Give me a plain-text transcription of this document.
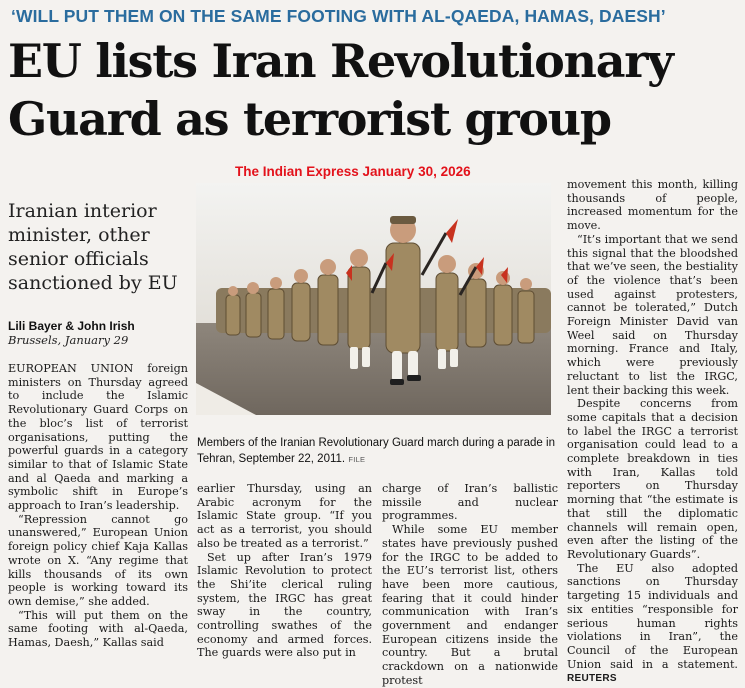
‘WILL PUT THEM ON THE SAME FOOTING WITH AL-QAEDA, HAMAS, DAESH’
EU lists Iran Revolutionary
Guard as terrorist group
The Indian Express January 30, 2026
Iranian interior minister, other senior officials sanctioned by EU
Lili Bayer & John Irish
Brussels, January 29

EUROPEAN UNION foreign ministers on Thursday agreed to include the Islamic Revolutionary Guard Corps on the bloc’s list of terrorist organisations, putting the powerful guards in a category similar to that of Islamic State and al Qaeda and marking a symbolic shift in Europe’s approach to Iran’s leadership.

“Repression cannot go unanswered,” European Union foreign policy chief Kaja Kallas wrote on X. “Any regime that kills thousands of its own people is working toward its own demise,” she added.

“This will put them on the same footing with al-Qaeda, Hamas, Daesh,” Kallas said

Members of the Iranian Revolutionary Guard march during a parade in Tehran, September 22, 2011. FILE

earlier Thursday, using an Arabic acronym for the Islamic State group. “If you act as a terrorist, you should also be treated as a terrorist.”

Set up after Iran’s 1979 Islamic Revolution to protect the Shi’ite clerical ruling system, the IRGC has great sway in the country, controlling swathes of the economy and armed forces. The guards were also put in

charge of Iran’s ballistic missile and nuclear programmes.

While some EU member states have previously pushed for the IRGC to be added to the EU’s terrorist list, others have been more cautious, fearing that it could hinder communication with Iran’s government and endanger European citizens inside the country. But a brutal crackdown on a nationwide protest

movement this month, killing thousands of people, increased momentum for the move.

“It’s important that we send this signal that the bloodshed that we’ve seen, the bestiality of the violence that’s been used against protesters, cannot be tolerated,” Dutch Foreign Minister David van Weel said on Thursday morning. France and Italy, which were previously reluctant to list the IRGC, lent their backing this week.

Despite concerns from some capitals that a decision to label the IRGC a terrorist organisation could lead to a complete breakdown in ties with Iran, Kallas told reporters on Thursday morning that “the estimate is that still the diplomatic channels will remain open, even after the listing of the Revolutionary Guards”.

The EU also adopted sanctions on Thursday targeting 15 individuals and six entities “responsible for serious human rights violations in Iran”, the Council of the European Union said in a statement. REUTERS
